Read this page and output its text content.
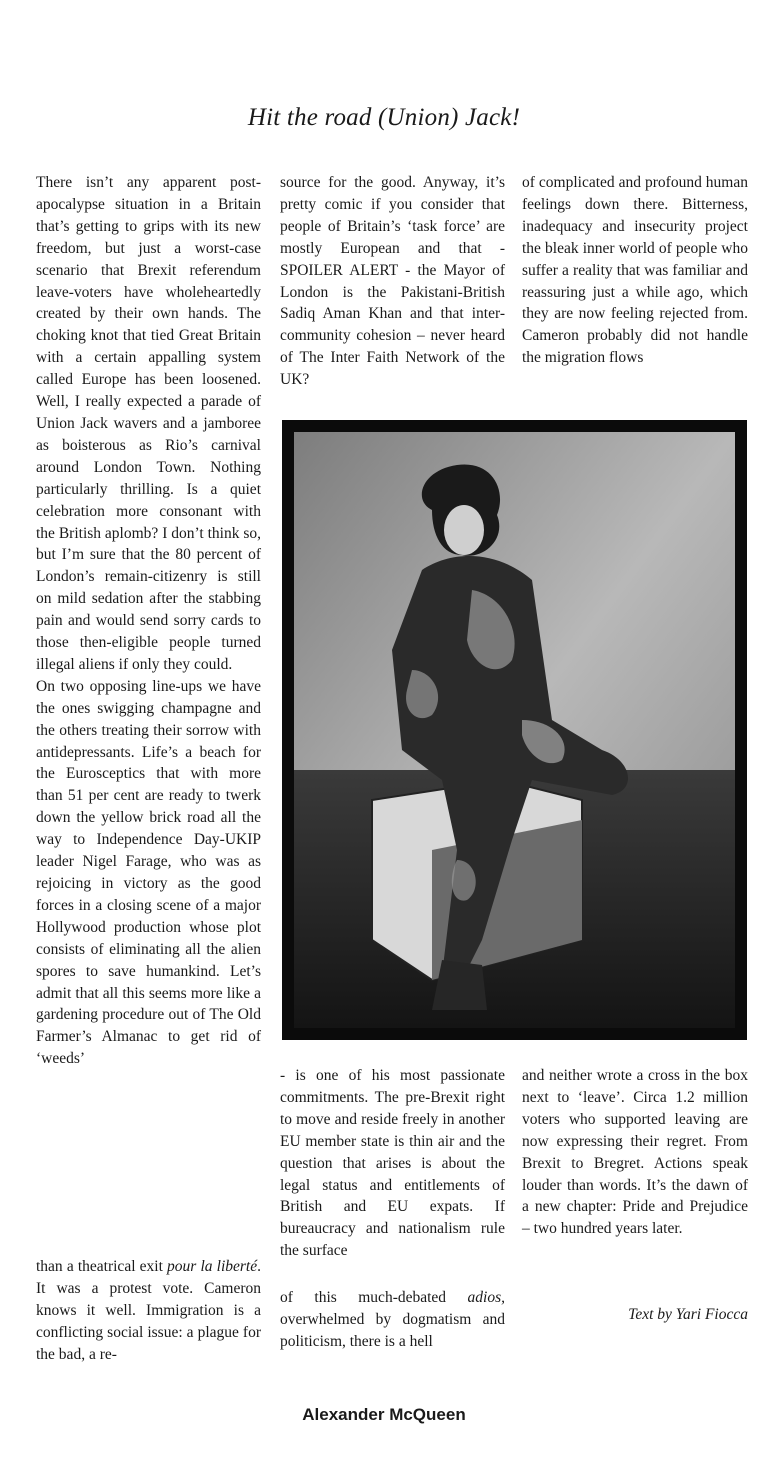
Hit the road (Union) Jack!

There isn’t any apparent post-apocalypse situation in a Britain that’s getting to grips with its new freedom, but just a worst-case scenario that Brexit referendum leave-voters have wholeheartedly created by their own hands. The choking knot that tied Great Britain with a certain appalling system called Europe has been loosened. Well, I really expected a parade of Union Jack wavers and a jamboree as boisterous as Rio’s carnival around London Town. Nothing particularly thrilling. Is a quiet celebration more consonant with the British aplomb? I don’t think so, but I’m sure that the 80 percent of London’s remain-citizenry is still on mild sedation after the stabbing pain and would send sorry cards to those then-eligible people turned illegal aliens if only they could.

On two opposing line-ups we have the ones swigging champagne and the others treating their sorrow with antidepressants. Life’s a beach for the Eurosceptics that with more than 51 per cent are ready to twerk down the yellow brick road all the way to Independence Day-UKIP leader Nigel Farage, who was as rejoicing in victory as the good forces in a closing scene of a major Hollywood production whose plot consists of eliminating all the alien spores to save humankind. Let’s admit that all this seems more like a gardening procedure out of The Old Farmer’s Almanac to get rid of ‘weeds’

than a theatrical exit pour la liberté. It was a protest vote. Cameron knows it well. Immigration is a conflicting social issue: a plague for the bad, a re-

source for the good. Anyway, it’s pretty comic if you consider that people of Britain’s ‘task force’ are mostly European and that - SPOILER ALERT - the Mayor of London is the Pakistani-British Sadiq Aman Khan and that inter-community cohesion – never heard of The Inter Faith Network of the UK?

- is one of his most passionate commitments. The pre-Brexit right to move and reside freely in another EU member state is thin air and the question that arises is about the legal status and entitlements of British and EU expats. If bureaucracy and nationalism rule the surface

of this much-debated adios, overwhelmed by dogmatism and politicism, there is a hell

of complicated and profound human feelings down there. Bitterness, inadequacy and insecurity project the bleak inner world of people who suffer a reality that was familiar and reassuring just a while ago, which they are now feeling rejected from. Cameron probably did not handle the migration flows

and neither wrote a cross in the box next to ‘leave’. Circa 1.2 million voters who supported leaving are now expressing their regret. From Brexit to Bregret. Actions speak louder than words. It’s the dawn of a new chapter: Pride and Prejudice – two hundred years later.

Text by Yari Fiocca
Alexander McQueen
